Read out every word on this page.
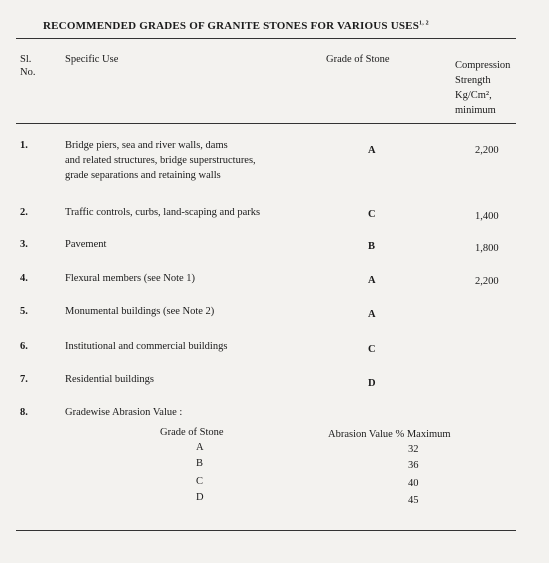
RECOMMENDED GRADES OF GRANITE STONES FOR VARIOUS USES$^{1, 2}$
Sl.
No.
Specific Use	Grade of Stone
Compression
Strength
Kg/Cm²,
minimum
1.	Bridge piers, sea and river walls, dams
and related structures, bridge superstructures,
grade separations and retaining walls
A	2,200
2.	Traffic controls, curbs, land-scaping and parks	C	1,400
3.	Pavement	B	1,800
4.	Flexural members (see Note 1)	A	2,200
5.	Monumental buildings (see Note 2)	A
6.	Institutional and commercial buildings	C
7.	Residential buildings	D
8.	Gradewise Abrasion Value :
Grade of Stone	Abrasion Value % Maximum
A	32
B	36
C	40
D	45
